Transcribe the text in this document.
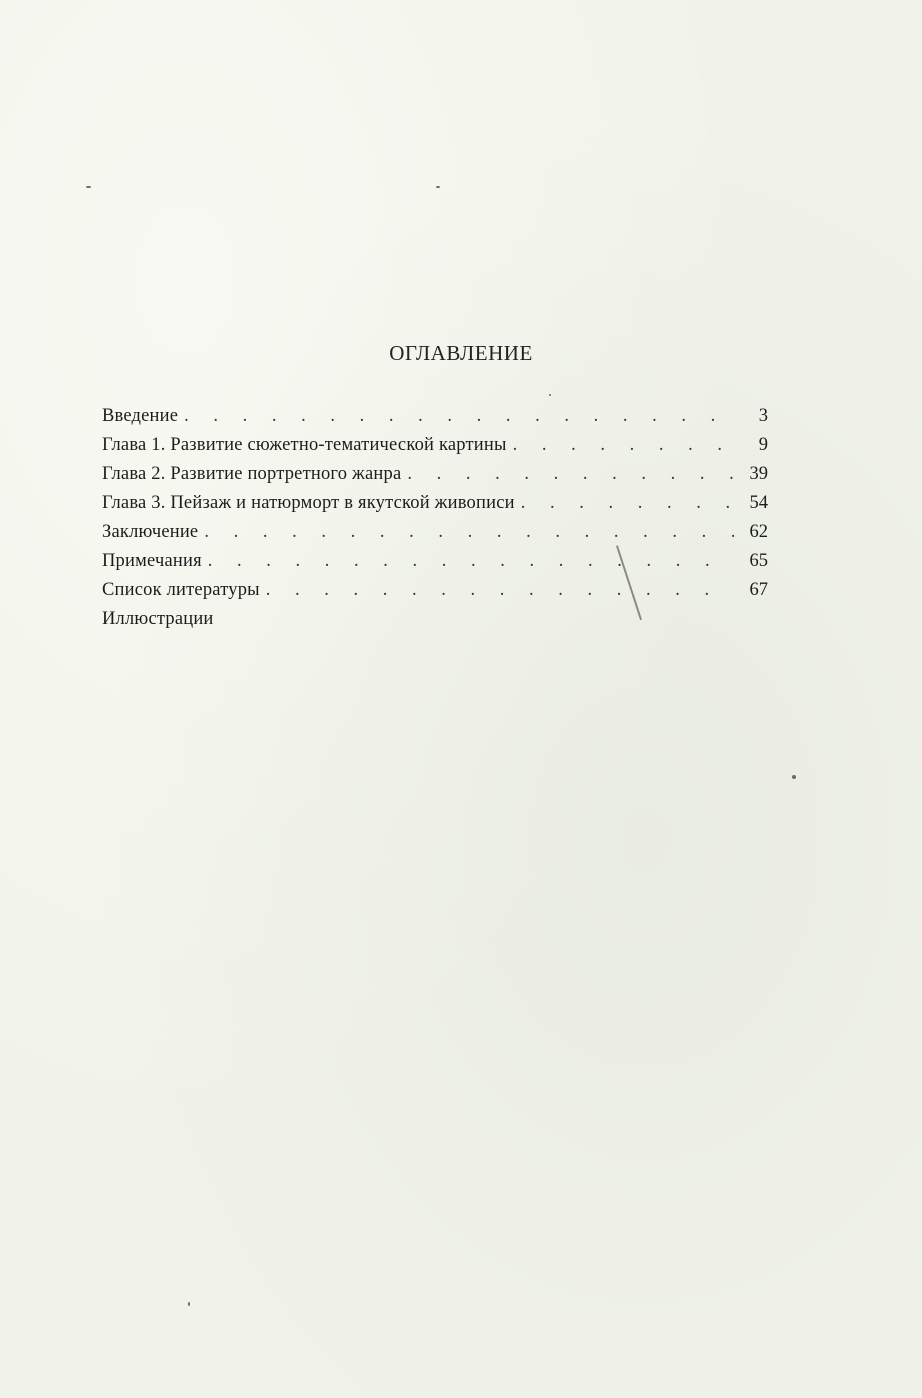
ОГЛАВЛЕНИЕ
Введение . . .	3
Глава 1. Развитие сюжетно-тематической картины . . .	9
Глава 2. Развитие портретного жанра . . .	39
Глава 3. Пейзаж и натюрморт в якутской живописи . . .	54
Заключение . . .	62
Примечания . . .	65
Список литературы . . .	67
Иллюстрации
